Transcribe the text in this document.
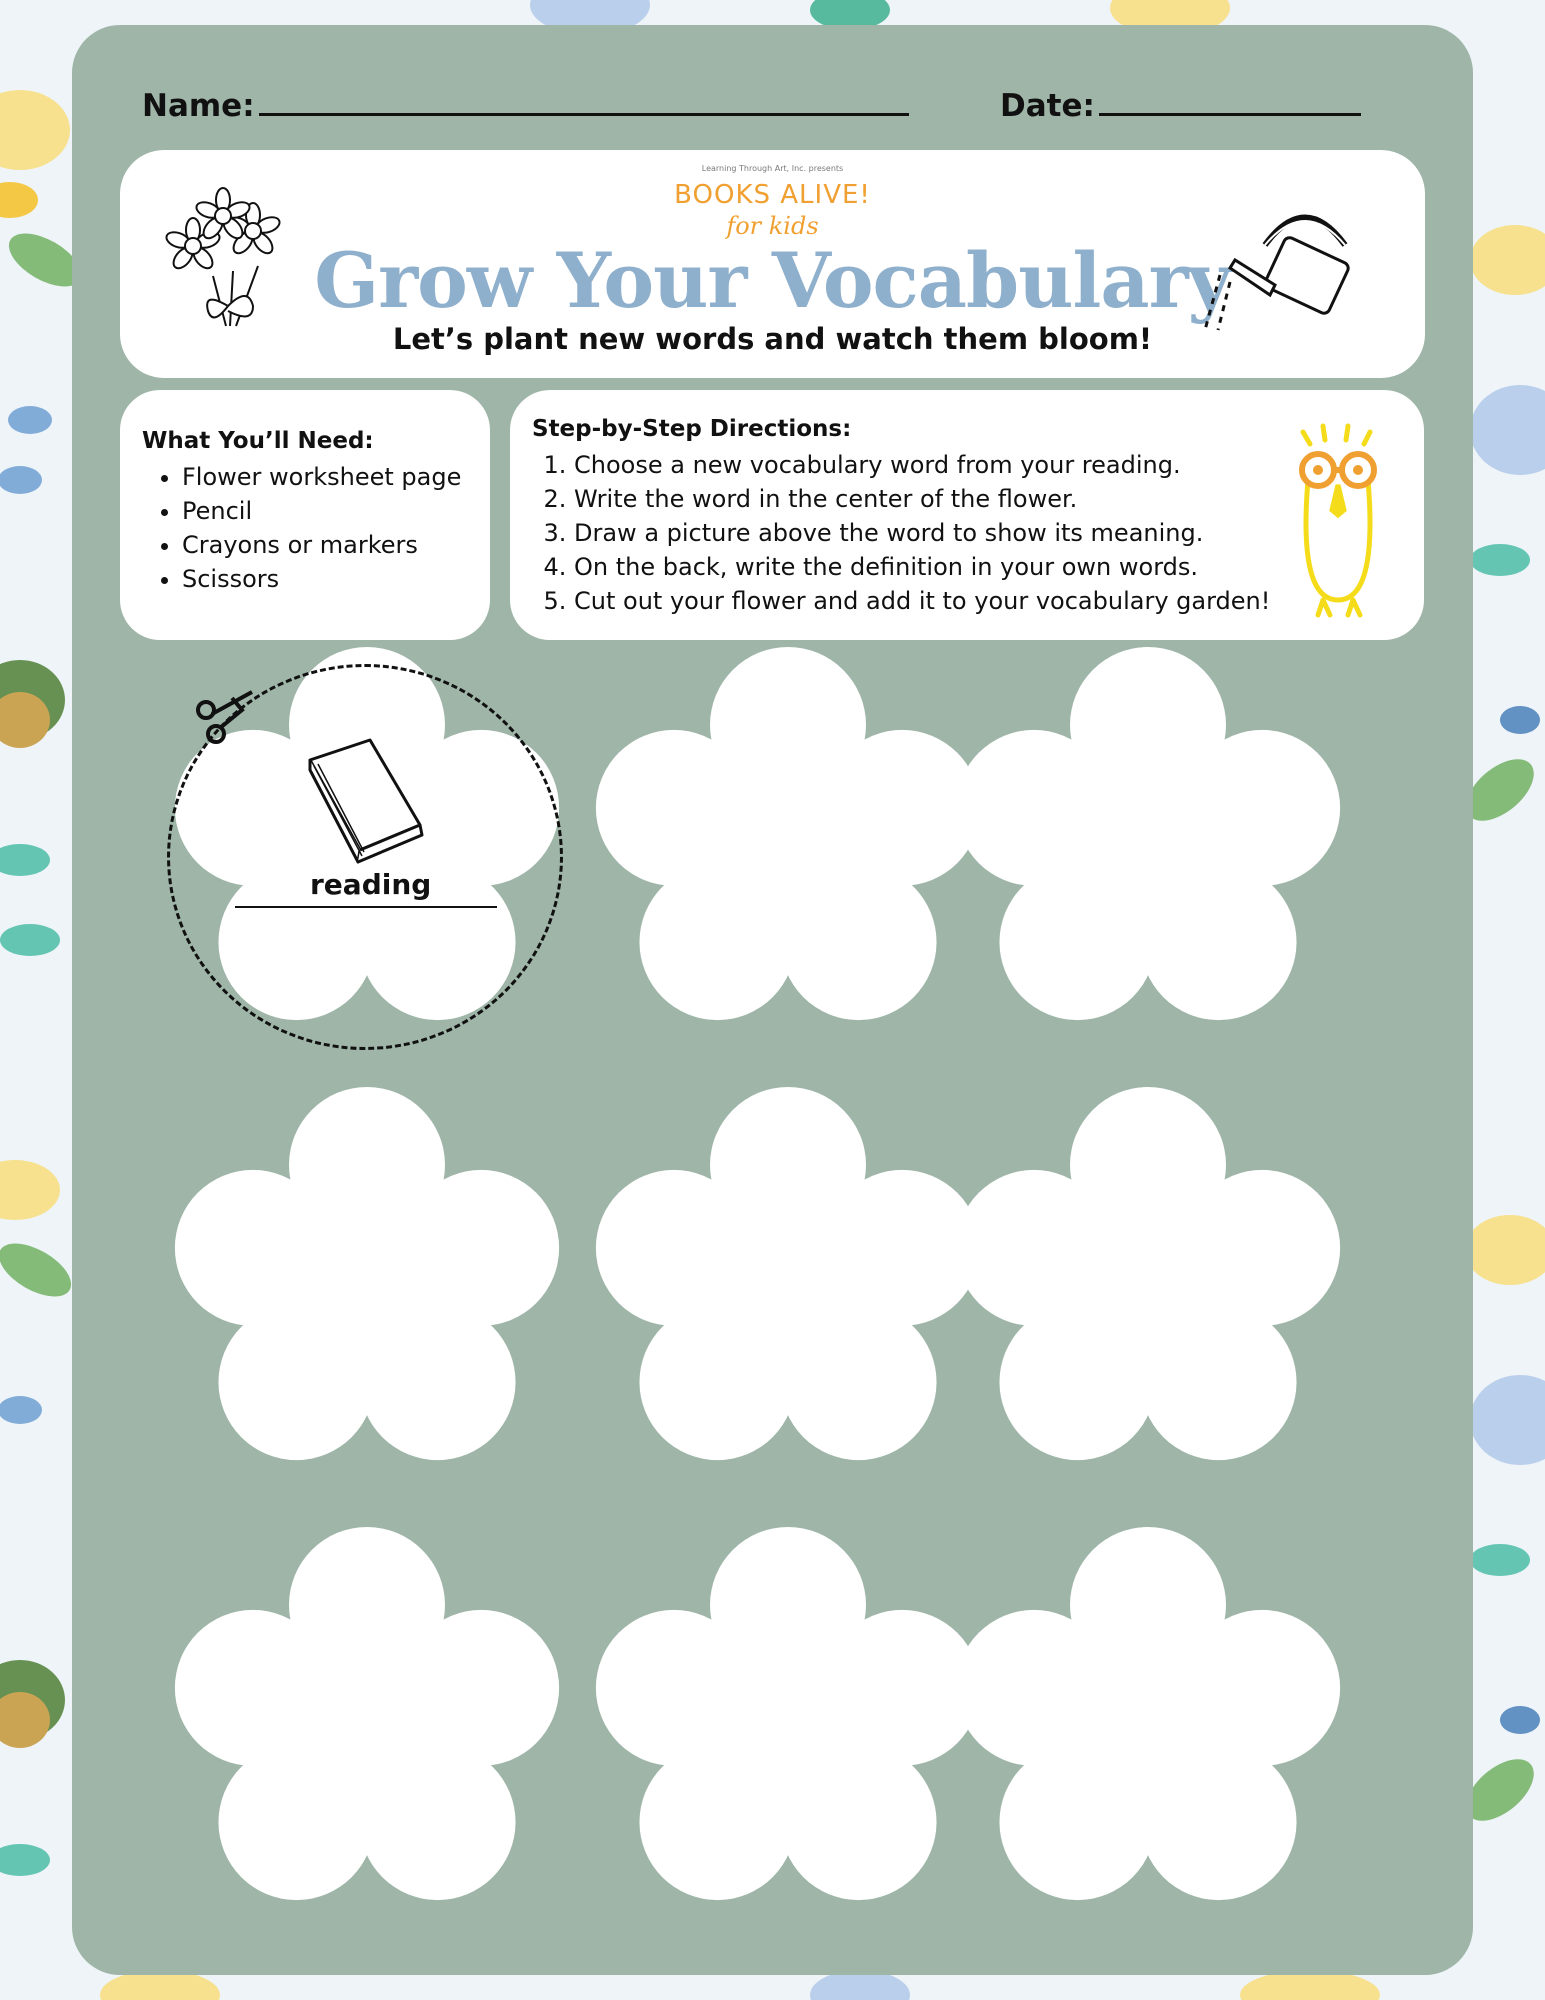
Name:	Date:
Learning Through Art, Inc. presents
BOOKS ALIVE!
for kids
Grow Your Vocabulary
Let’s plant new words and watch them bloom!
What You’ll Need:
• Flower worksheet page
• Pencil
• Crayons or markers
• Scissors
Step-by-Step Directions:
1. Choose a new vocabulary word from your reading.
2. Write the word in the center of the flower.
3. Draw a picture above the word to show its meaning.
4. On the back, write the definition in your own words.
5. Cut out your flower and add it to your vocabulary garden!
reading
